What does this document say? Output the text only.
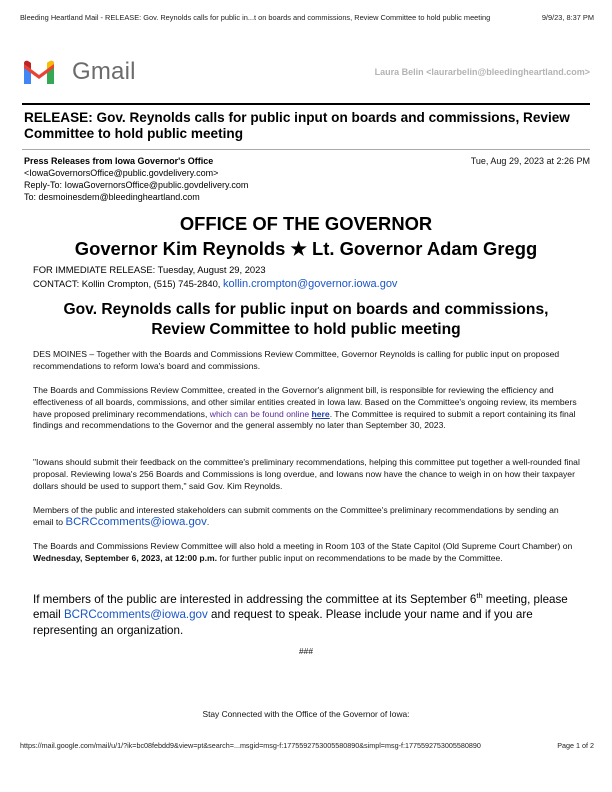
Bleeding Heartland Mail - RELEASE: Gov. Reynolds calls for public in...t on boards and commissions, Review Committee to hold public meeting	9/9/23, 8:37 PM
Gmail	Laura Belin <laurarbelin@bleedingheartland.com>
RELEASE: Gov. Reynolds calls for public input on boards and commissions, Review Committee to hold public meeting
Press Releases from Iowa Governor's Office
<IowaGovernorsOffice@public.govdelivery.com>
Reply-To: IowaGovernorsOffice@public.govdelivery.com
To: desmoinesdem@bleedingheartland.com
Tue, Aug 29, 2023 at 2:26 PM
OFFICE OF THE GOVERNOR
Governor Kim Reynolds ★ Lt. Governor Adam Gregg
FOR IMMEDIATE RELEASE: Tuesday, August 29, 2023
CONTACT: Kollin Crompton, (515) 745-2840, kollin.crompton@governor.iowa.gov
Gov. Reynolds calls for public input on boards and commissions,
Review Committee to hold public meeting
DES MOINES – Together with the Boards and Commissions Review Committee, Governor Reynolds is calling for public input on proposed recommendations to reform Iowa's board and commissions.
The Boards and Commissions Review Committee, created in the Governor's alignment bill, is responsible for reviewing the efficiency and effectiveness of all boards, commissions, and other similar entities created in Iowa law. Based on the Committee's ongoing review, its members have proposed preliminary recommendations, which can be found online here. The Committee is required to submit a report containing its final findings and recommendations to the Governor and the general assembly no later than September 30, 2023.
"Iowans should submit their feedback on the committee's preliminary recommendations, helping this committee put together a well-rounded final proposal. Reviewing Iowa's 256 Boards and Commissions is long overdue, and Iowans now have the chance to weigh in on how their taxpayer dollars should be used to support them," said Gov. Kim Reynolds.
Members of the public and interested stakeholders can submit comments on the Committee's preliminary recommendations by sending an email to BCRCcomments@iowa.gov.
The Boards and Commissions Review Committee will also hold a meeting in Room 103 of the State Capitol (Old Supreme Court Chamber) on Wednesday, September 6, 2023, at 12:00 p.m. for further public input on recommendations to be made by the Committee.
If members of the public are interested in addressing the committee at its September 6th meeting, please email BCRCcomments@iowa.gov and request to speak. Please include your name and if you are representing an organization.
###
Stay Connected with the Office of the Governor of Iowa:
https://mail.google.com/mail/u/1/?ik=bc08febdd9&view=pt&search=...msgid=msg-f:1775592753005580890&simpl=msg-f:1775592753005580890	Page 1 of 2
